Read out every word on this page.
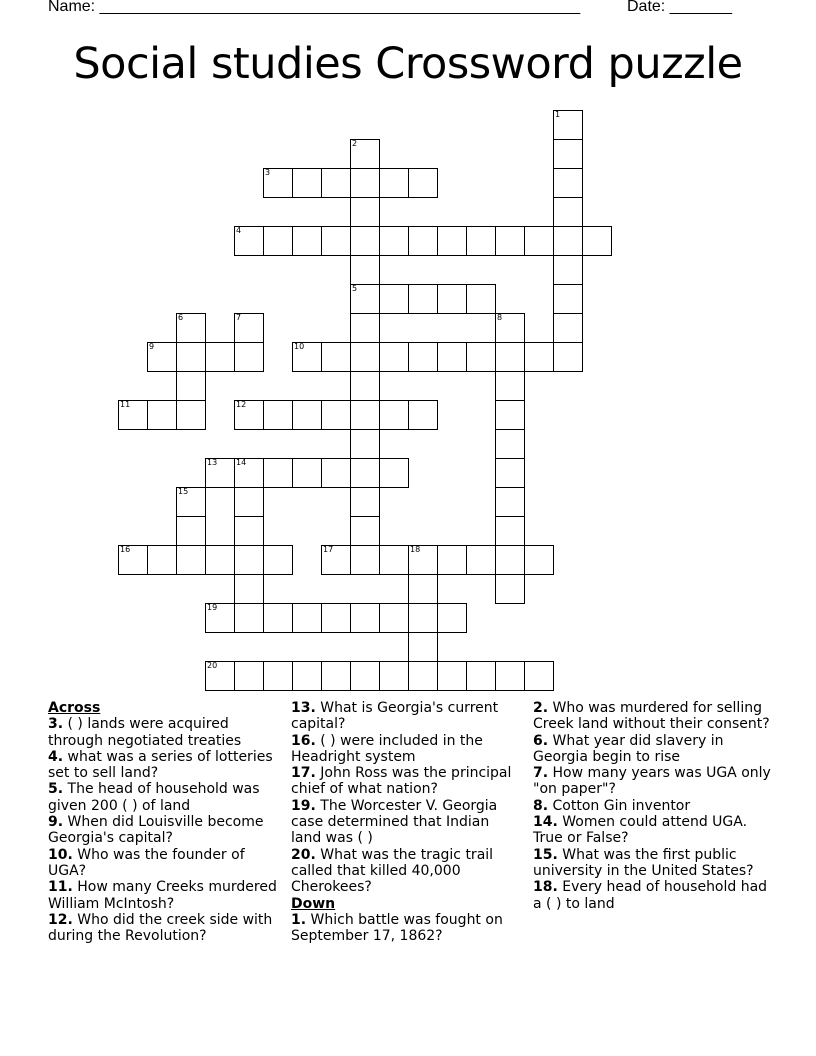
Name: ______________________________________________________	Date: _______
Social studies Crossword puzzle
1
2
5
3
4
6	7	8
9	10
11	12
13 14
15
16	17	18
19
20
Across
3. ( ) lands were acquired through negotiated treaties
4. what was a series of lotteries set to sell land?
5. The head of household was given 200 ( ) of land
9. When did Louisville become Georgia's capital?
10. Who was the founder of UGA?
11. How many Creeks murdered William McIntosh?
12. Who did the creek side with during the Revolution?
13. What is Georgia's current capital?
16. ( ) were included in the Headright system
17. John Ross was the principal chief of what nation?
19. The Worcester V. Georgia case determined that Indian land was ( )
20. What was the tragic trail called that killed 40,000 Cherokees?
Down
1. Which battle was fought on September 17, 1862?
2. Who was murdered for selling Creek land without their consent?
6. What year did slavery in Georgia begin to rise
7. How many years was UGA only "on paper"?
8. Cotton Gin inventor
14. Women could attend UGA. True or False?
15. What was the first public university in the United States?
18. Every head of household had a ( ) to land
